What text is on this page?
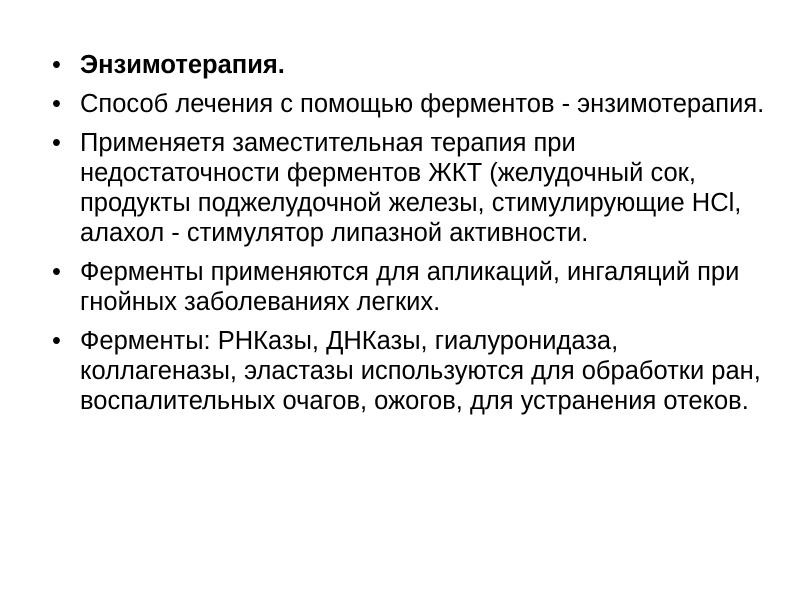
• Энзимотерапия.
• Способ лечения с помощью ферментов - энзимотерапия.
• Применяетя заместительная терапия при недостаточности ферментов ЖКТ (желудочный сок, продукты поджелудочной железы, стимулирующие HCl, алахол - стимулятор липазной активности.
• Ферменты применяются для апликаций, ингаляций при гнойных заболеваниях легких.
• Ферменты: РНКазы, ДНКазы, гиалуронидаза, коллагеназы, эластазы используются для обработки ран, воспалительных очагов, ожогов, для устранения отеков.
